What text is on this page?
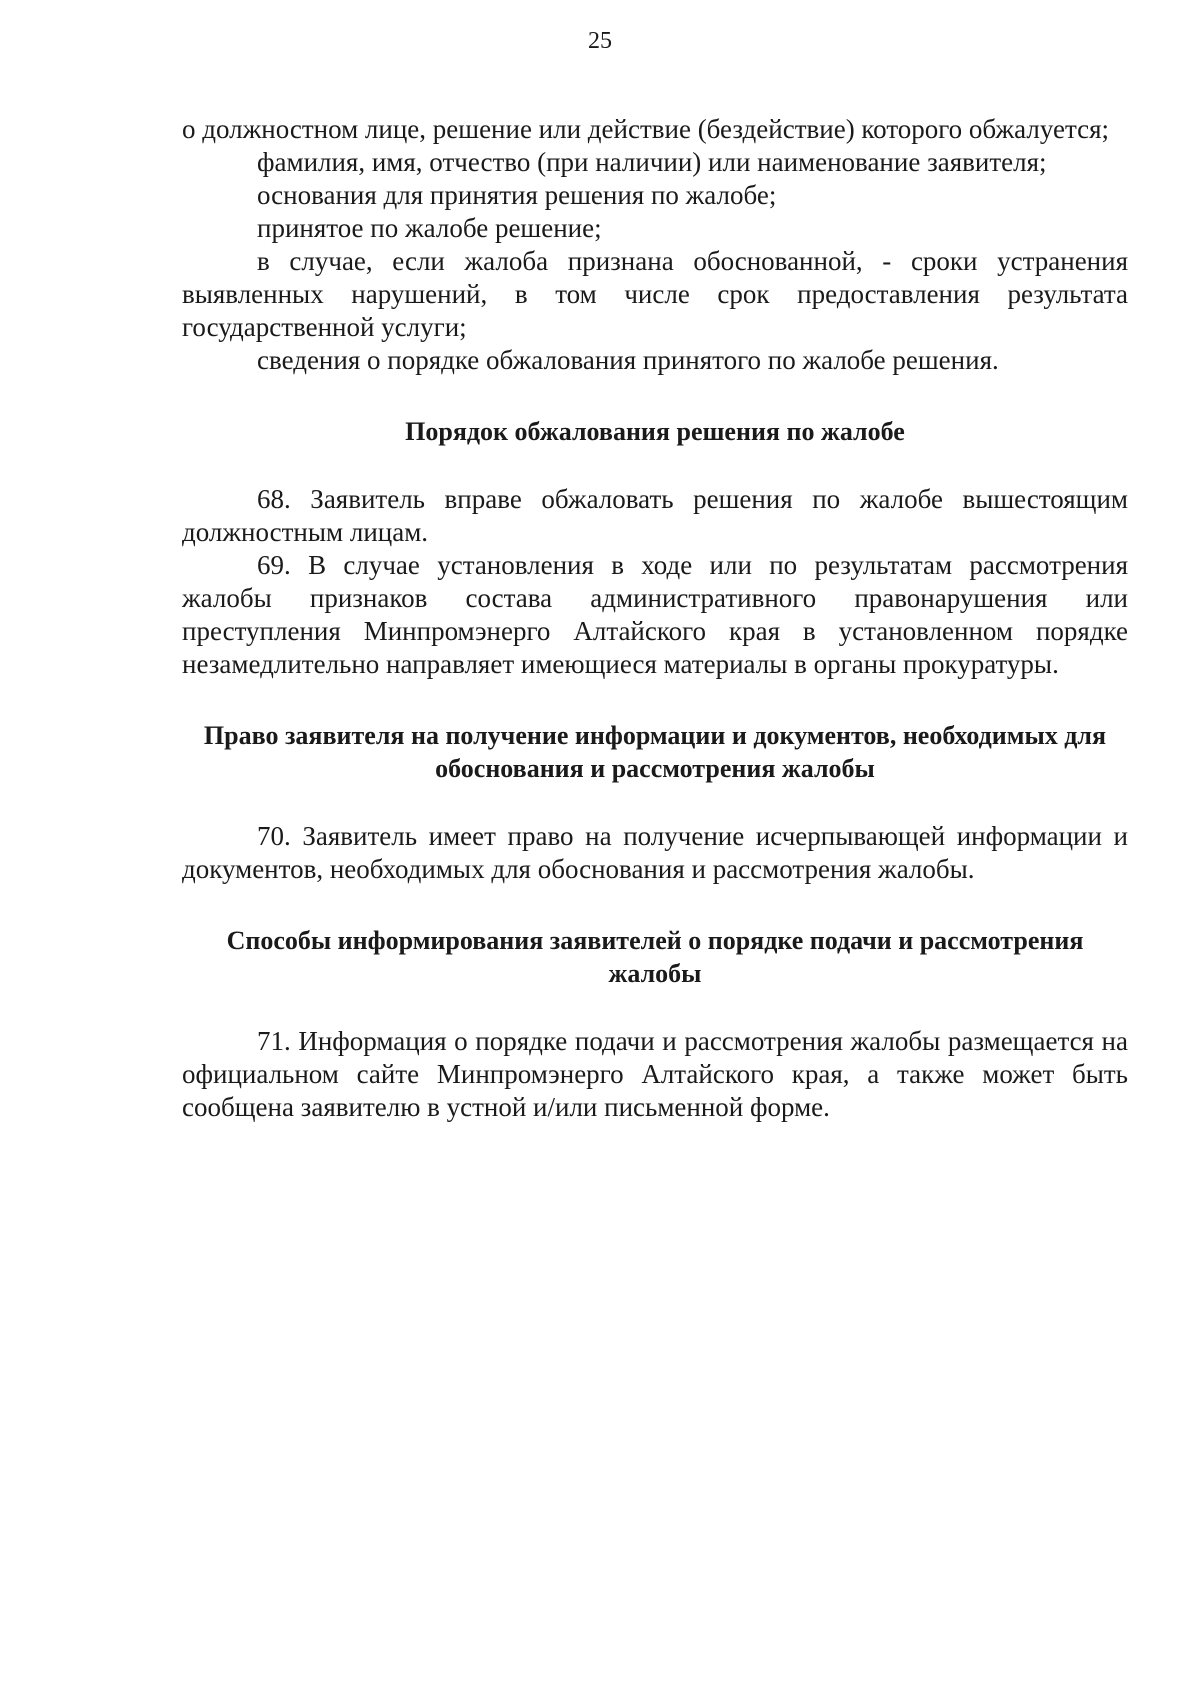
25

о должностном лице, решение или действие (бездействие) которого обжалуется;

фамилия, имя, отчество (при наличии) или наименование заявителя;

основания для принятия решения по жалобе;

принятое по жалобе решение;

в случае, если жалоба признана обоснованной, - сроки устранения выявленных нарушений, в том числе срок предоставления результата государственной услуги;

сведения о порядке обжалования принятого по жалобе решения.

Порядок обжалования решения по жалобе

68. Заявитель вправе обжаловать решения по жалобе вышестоящим должностным лицам.

69. В случае установления в ходе или по результатам рассмотрения жалобы признаков состава административного правонарушения или преступления Минпромэнерго Алтайского края в установленном порядке незамедлительно направляет имеющиеся материалы в органы прокуратуры.

Право заявителя на получение информации и документов, необходимых для обоснования и рассмотрения жалобы

70. Заявитель имеет право на получение исчерпывающей информации и документов, необходимых для обоснования и рассмотрения жалобы.

Способы информирования заявителей о порядке подачи и рассмотрения жалобы

71. Информация о порядке подачи и рассмотрения жалобы размещается на официальном сайте Минпромэнерго Алтайского края, а также может быть сообщена заявителю в устной и/или письменной форме.
